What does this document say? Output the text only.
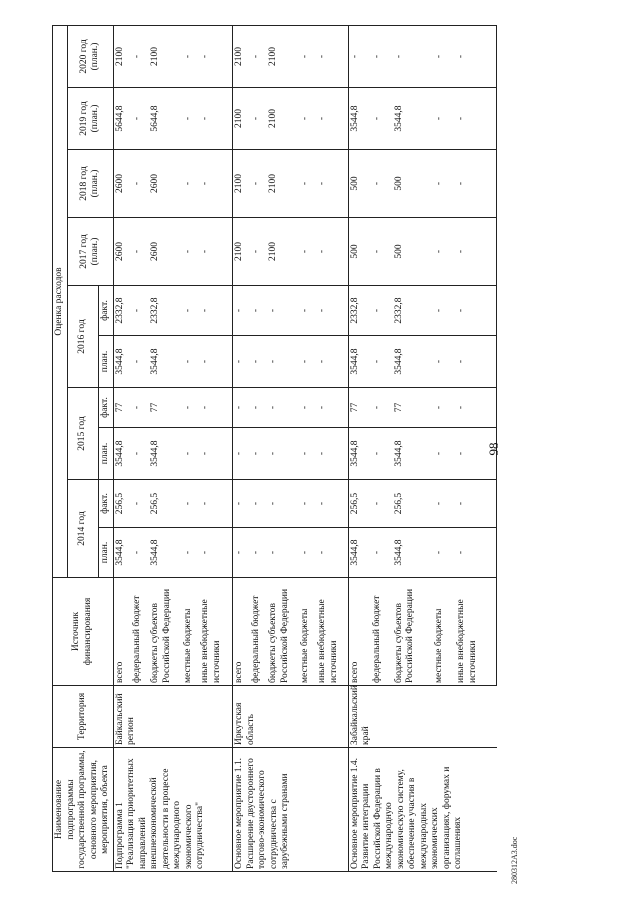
Наименование подпрограммы государственной программы, основного мероприятия, мероприятия, объекта	Территория	Источник финансирования	Оценка расходов									
			2014 год		2015 год		2016 год		2017 год (план.)	2018 год (план.)	2019 год (план.)	2020 год (план.)
			план.	факт.	план.	факт.	план.	факт.				
Подпрограмма 1 "Реализация приоритетных направлений внешнеэкономической деятельности в процессе международного экономического сотрудничества"	Байкальский регион	всего	3544,8	256,5	3544,8	77	3544,8	2332,8	2600	2600	5644,8	2100
		федеральный бюджет	-	-	-	-	-	-	-	-	-	-
		бюджеты субъектов Российской Федерации	3544,8	256,5	3544,8	77	3544,8	2332,8	2600	2600	5644,8	2100
		местные бюджеты	-	-	-	-	-	-	-	-	-	-
		иные внебюджетные источники	-	-	-	-	-	-	-	-	-	-
Основное мероприятие 1.1. Расширение двустороннего торгово-экономического сотрудничества с зарубежными странами	Иркутская область	всего	-	-	-	-	-	-	2100	2100	2100	2100
		федеральный бюджет	-	-	-	-	-	-	-	-	-	-
		бюджеты субъектов Российской Федерации	-	-	-	-	-	-	2100	2100	2100	2100
		местные бюджеты	-	-	-	-	-	-	-	-	-	-
		иные внебюджетные источники	-	-	-	-	-	-	-	-	-	-
Основное мероприятие 1.4. Развитие интеграции Российской Федерации в международную экономическую систему, обеспечение участия в международных экономических организациях, форумах и соглашениях	Забайкальский край	всего	3544,8	256,5	3544,8	77	3544,8	2332,8	500	500	3544,8	-
		федеральный бюджет	-	-	-	-	-	-	-	-	-	-
		бюджеты субъектов Российской Федерации	3544,8	256,5	3544,8	77	3544,8	2332,8	500	500	3544,8	-
		местные бюджеты	-	-	-	-	-	-	-	-	-	-
		иные внебюджетные источники	-	-	-	-	-	-	-	-	-	-
98
280312А3.doc
